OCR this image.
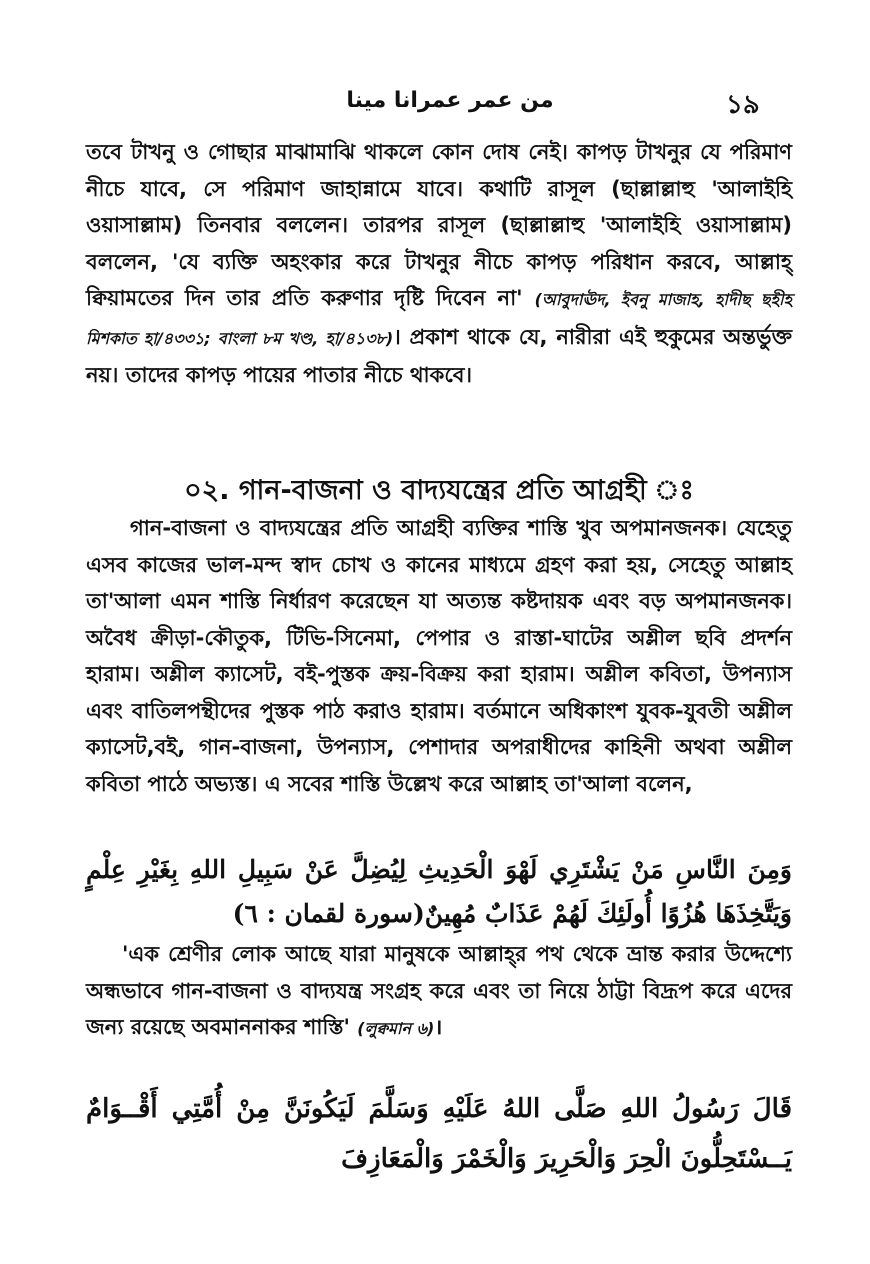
من عمر عمرانا مينا	১৯
তবে টাখনু ও গোছার মাঝামাঝি থাকলে কোন দোষ নেই। কাপড় টাখনুর যে পরিমাণ নীচে যাবে, সে পরিমাণ জাহান্নামে যাবে। কথাটি রাসূল (ছাল্লাল্লাহু 'আলাইহি ওয়াসাল্লাম) তিনবার বললেন। তারপর রাসূল (ছাল্লাল্লাহু 'আলাইহি ওয়াসাল্লাম) বললেন, 'যে ব্যক্তি অহংকার করে টাখনুর নীচে কাপড় পরিধান করবে, আল্লাহ্‌ ক্বিয়ামতের দিন তার প্রতি করুণার দৃষ্টি দিবেন না' (আবুদাঊদ, ইবনু মাজাহ, হাদীছ ছহীহ মিশকাত হা/৪৩৩১; বাংলা ৮ম খণ্ড, হা/৪১৩৮)। প্রকাশ থাকে যে, নারীরা এই হুকুমের অন্তর্ভুক্ত নয়। তাদের কাপড় পায়ের পাতার নীচে থাকবে।
০২. গান-বাজনা ও বাদ্যযন্ত্রের প্রতি আগ্রহী ঃ
গান-বাজনা ও বাদ্যযন্ত্রের প্রতি আগ্রহী ব্যক্তির শাস্তি খুব অপমানজনক। যেহেতু এসব কাজের ভাল-মন্দ স্বাদ চোখ ও কানের মাধ্যমে গ্রহণ করা হয়, সেহেতু আল্লাহ তা'আলা এমন শাস্তি নির্ধারণ করেছেন যা অত্যন্ত কষ্টদায়ক এবং বড় অপমানজনক। অবৈধ ক্রীড়া-কৌতুক, টিভি-সিনেমা, পেপার ও রাস্তা-ঘাটের অশ্লীল ছবি প্রদর্শন হারাম। অশ্লীল ক্যাসেট, বই-পুস্তক ক্রয়-বিক্রয় করা হারাম। অশ্লীল কবিতা, উপন্যাস এবং বাতিলপন্থীদের পুস্তক পাঠ করাও হারাম। বর্তমানে অধিকাংশ যুবক-যুবতী অশ্লীল ক্যাসেট,বই, গান-বাজনা, উপন্যাস, পেশাদার অপরাধীদের কাহিনী অথবা অশ্লীল কবিতা পাঠে অভ্যস্ত। এ সবের শাস্তি উল্লেখ করে আল্লাহ তা'আলা বলেন,
وَمِنَ النَّاسِ مَنْ يَشْتَرِي لَهْوَ الْحَدِيثِ لِيُضِلَّ عَنْ سَبِيلِ اللهِ بِغَيْرِ عِلْمٍ وَيَتَّخِذَهَا هُزُوًا أُولَئِكَ لَهُمْ عَذَابٌ مُهِينٌ(سورة لقمان : ٦)
'এক শ্রেণীর লোক আছে যারা মানুষকে আল্লাহ্‌র পথ থেকে ভ্রান্ত করার উদ্দেশ্যে অন্ধভাবে গান-বাজনা ও বাদ্যযন্ত্র সংগ্রহ করে এবং তা নিয়ে ঠাট্টা বিদ্রূপ করে এদের জন্য রয়েছে অবমাননাকর শাস্তি' (লুক্বমান ৬)।
قَالَ رَسُولُ اللهِ صَلَّى اللهُ عَلَيْهِ وَسَلَّمَ لَيَكُونَنَّ مِنْ أُمَّتِي أَقْــوَامٌ يَــسْتَحِلُّونَ الْحِرَ وَالْحَرِيرَ وَالْخَمْرَ وَالْمَعَازِفَ
